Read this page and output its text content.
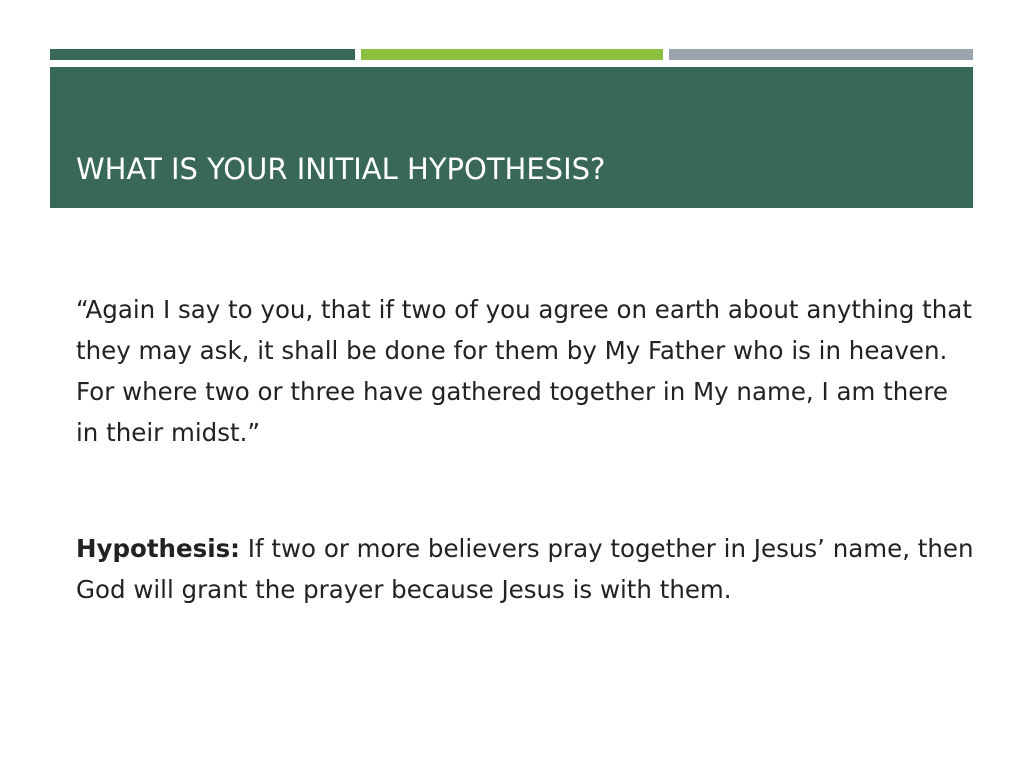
WHAT IS YOUR INITIAL HYPOTHESIS?

“Again I say to you, that if two of you agree on earth about anything that they may ask, it shall be done for them by My Father who is in heaven. For where two or three have gathered together in My name, I am there in their midst.”

Hypothesis: If two or more believers pray together in Jesus’ name, then God will grant the prayer because Jesus is with them.
